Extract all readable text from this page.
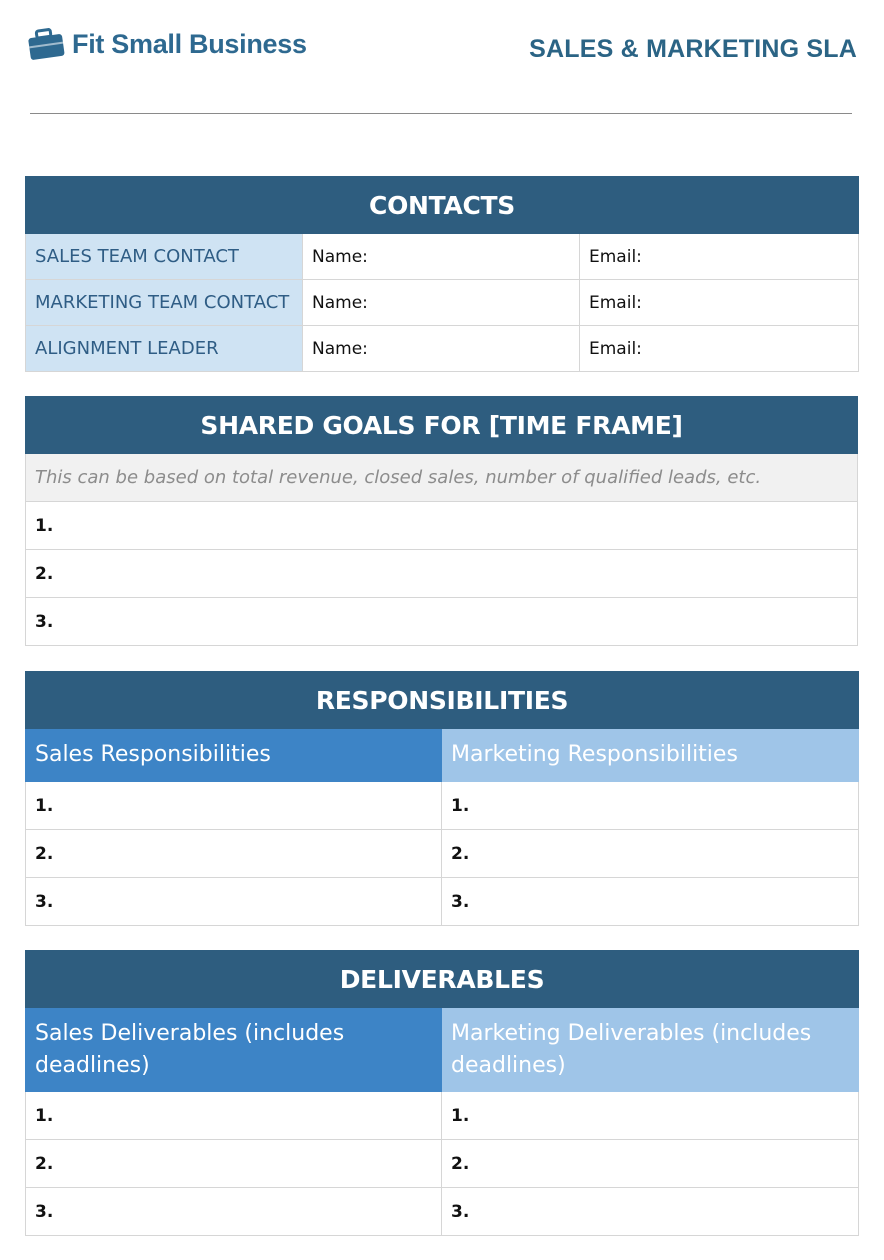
Fit Small Business	SALES & MARKETING SLA
CONTACTS		
SALES TEAM CONTACT	Name:	Email:
MARKETING TEAM CONTACT	Name:	Email:
ALIGNMENT LEADER	Name:	Email:
SHARED GOALS FOR [TIME FRAME]
This can be based on total revenue, closed sales, number of qualified leads, etc.
1.
2.
3.
RESPONSIBILITIES	
Sales Responsibilities	Marketing Responsibilities
1.	1.
2.	2.
3.	3.
DELIVERABLES	
Sales Deliverables (includes deadlines)	Marketing Deliverables (includes deadlines)
1.	1.
2.	2.
3.	3.
